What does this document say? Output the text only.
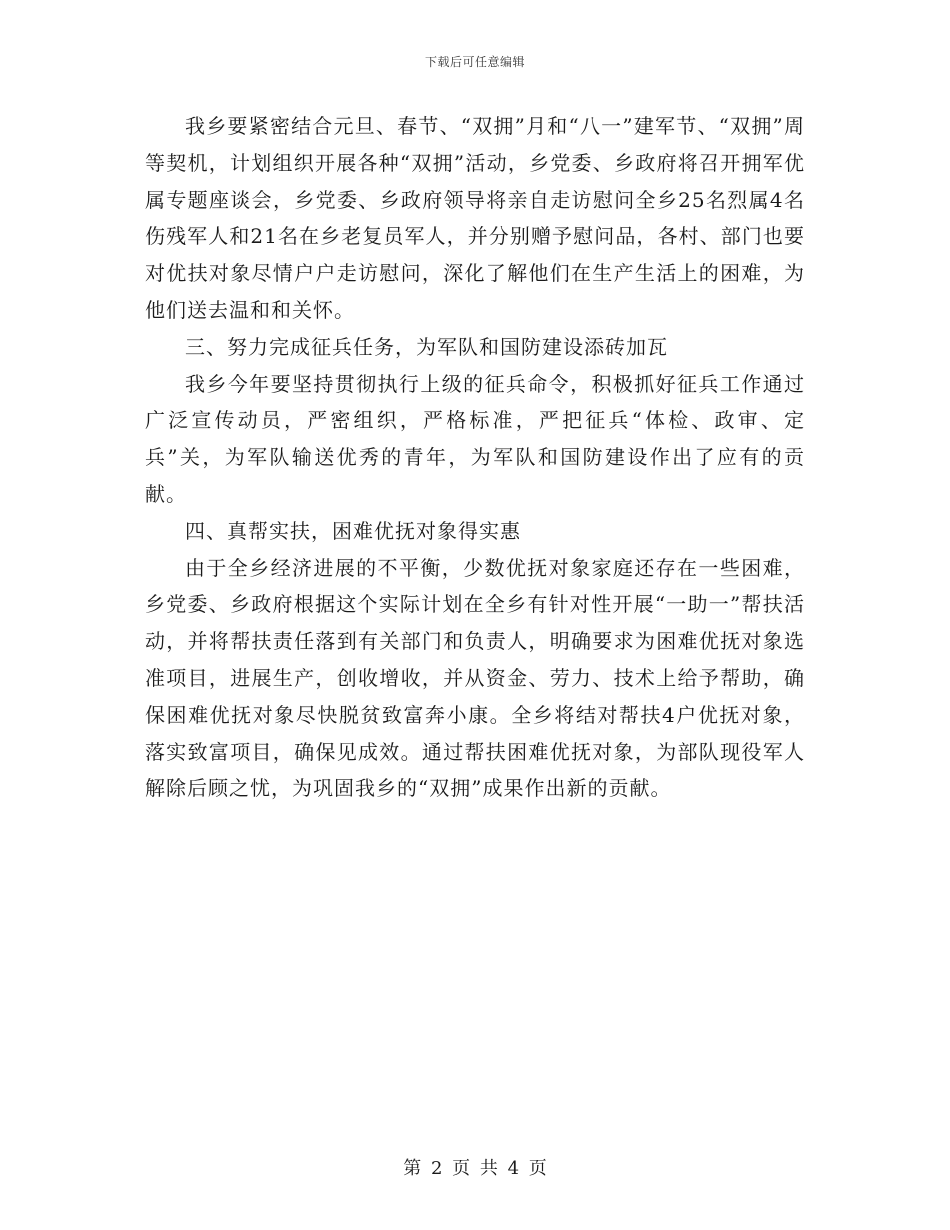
下载后可任意编辑

我乡要紧密结合元旦、春节、“双拥”月和“八一”建军节、“双拥”周等契机，计划组织开展各种“双拥”活动，乡党委、乡政府将召开拥军优属专题座谈会，乡党委、乡政府领导将亲自走访慰问全乡25名烈属4名伤残军人和21名在乡老复员军人，并分别赠予慰问品，各村、部门也要对优扶对象尽情户户走访慰问，深化了解他们在生产生活上的困难，为他们送去温和和关怀。

三、努力完成征兵任务，为军队和国防建设添砖加瓦

我乡今年要坚持贯彻执行上级的征兵命令，积极抓好征兵工作通过广泛宣传动员，严密组织，严格标准，严把征兵“体检、政审、定兵”关，为军队输送优秀的青年，为军队和国防建设作出了应有的贡献。

四、真帮实扶，困难优抚对象得实惠

由于全乡经济进展的不平衡，少数优抚对象家庭还存在一些困难，乡党委、乡政府根据这个实际计划在全乡有针对性开展“一助一”帮扶活动，并将帮扶责任落到有关部门和负责人，明确要求为困难优抚对象选准项目，进展生产，创收增收，并从资金、劳力、技术上给予帮助，确保困难优抚对象尽快脱贫致富奔小康。全乡将结对帮扶4户优抚对象，落实致富项目，确保见成效。通过帮扶困难优抚对象，为部队现役军人解除后顾之忧，为巩固我乡的“双拥”成果作出新的贡献。

第 2 页 共 4 页
